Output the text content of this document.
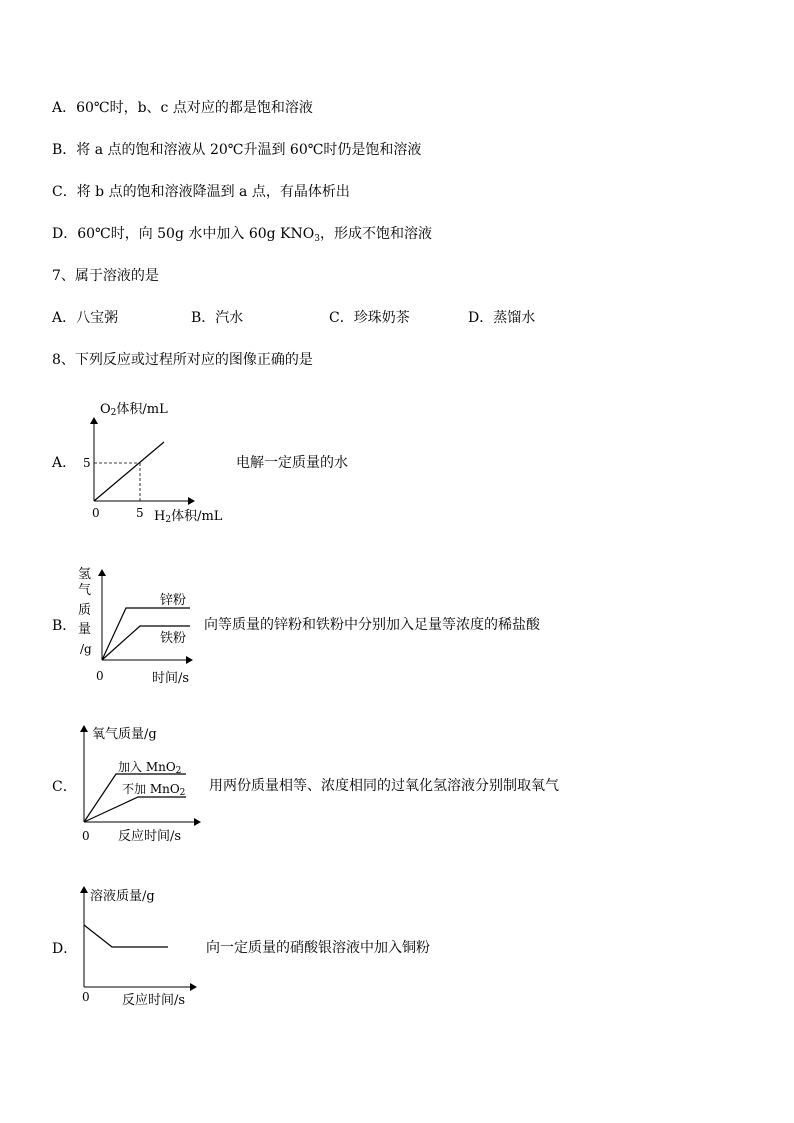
A．60℃时，b、c 点对应的都是饱和溶液
B．将 a 点的饱和溶液从 20℃升温到 60℃时仍是饱和溶液
C．将 b 点的饱和溶液降温到 a 点，有晶体析出
D．60℃时，向 50g 水中加入 60g $KNO_3$，形成不饱和溶液
7、属于溶液的是
A．八宝粥	B．汽水	C．珍珠奶茶	D．蒸馏水
8、下列反应或过程所对应的图像正确的是
A．
O2体积/mL
5
0	5 H2体积/mL
电解一定质量的水
B．
锌粉
铁粉
氢
气
质
量
/g
0	时间/s
向等质量的锌粉和铁粉中分别加入足量等浓度的稀盐酸
C．
加入 MnO2
不加 MnO2
氧气质量/g
0 反应时间/s
用两份质量相等、浓度相同的过氧化氢溶液分别制取氧气
D．
溶液质量/g
0 反应时间/s
向一定质量的硝酸银溶液中加入铜粉
